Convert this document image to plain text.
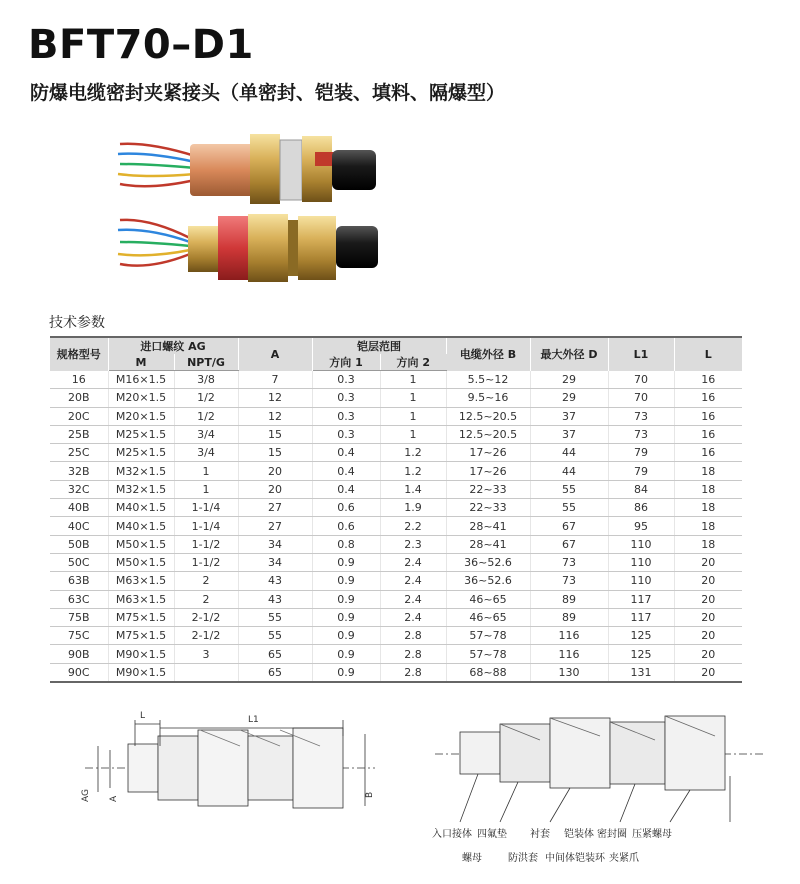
BFT70–D1
防爆电缆密封夹紧接头（单密封、铠装、填料、隔爆型）
技术参数
规格型号	进口螺纹 AG		A	铠层范围		电缆外径 B	最大外径 D	L1	L
	M	NPT/G		方向 1	方向 2				
16	M16×1.5	3/8	7	0.3	1	5.5~12	29	70	16
20B	M20×1.5	1/2	12	0.3	1	9.5~16	29	70	16
20C	M20×1.5	1/2	12	0.3	1	12.5~20.5	37	73	16
25B	M25×1.5	3/4	15	0.3	1	12.5~20.5	37	73	16
25C	M25×1.5	3/4	15	0.4	1.2	17~26	44	79	16
32B	M32×1.5	1	20	0.4	1.2	17~26	44	79	18
32C	M32×1.5	1	20	0.4	1.4	22~33	55	84	18
40B	M40×1.5	1-1/4	27	0.6	1.9	22~33	55	86	18
40C	M40×1.5	1-1/4	27	0.6	2.2	28~41	67	95	18
50B	M50×1.5	1-1/2	34	0.8	2.3	28~41	67	110	18
50C	M50×1.5	1-1/2	34	0.9	2.4	36~52.6	73	110	20
63B	M63×1.5	2	43	0.9	2.4	36~52.6	73	110	20
63C	M63×1.5	2	43	0.9	2.4	46~65	89	117	20
75B	M75×1.5	2-1/2	55	0.9	2.4	46~65	89	117	20
75C	M75×1.5	2-1/2	55	0.9	2.8	57~78	116	125	20
90B	M90×1.5	3	65	0.9	2.8	57~78	116	125	20
90C	M90×1.5		65	0.9	2.8	68~88	130	131	20
L	L1
AG A
B
入口接体 四氟垫 衬套 铠装体 密封圈 压紧螺母
螺母	防洪套 中间体 铠装环 夹紧爪
